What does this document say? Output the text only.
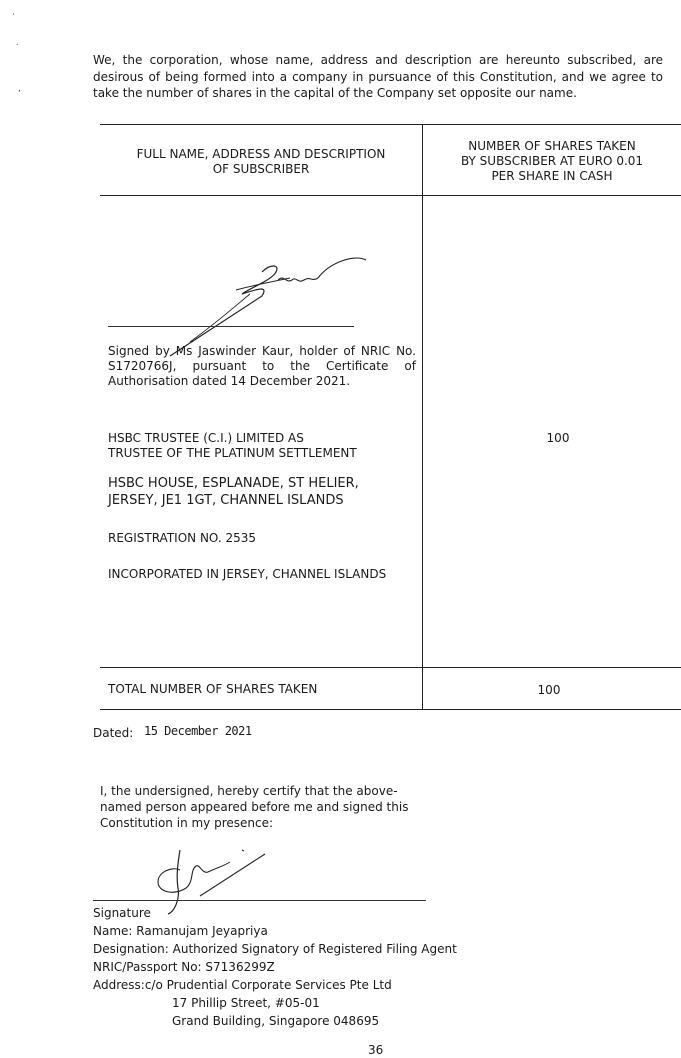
·
˙
,
We, the corporation, whose name, address and description are hereunto subscribed, are desirous of being formed into a company in pursuance of this Constitution, and we agree to take the number of shares in the capital of the Company set opposite our name.
FULL NAME, ADDRESS AND DESCRIPTION
OF SUBSCRIBER
NUMBER OF SHARES TAKEN
BY SUBSCRIBER AT EURO 0.01
PER SHARE IN CASH
Signed by Ms Jaswinder Kaur, holder of NRIC No. S1720766J, pursuant to the Certificate of Authorisation dated 14 December 2021.
HSBC TRUSTEE (C.I.) LIMITED AS
TRUSTEE OF THE PLATINUM SETTLEMENT
HSBC HOUSE, ESPLANADE, ST HELIER,
JERSEY, JE1 1GT, CHANNEL ISLANDS
REGISTRATION NO. 2535
INCORPORATED IN JERSEY, CHANNEL ISLANDS
100
TOTAL NUMBER OF SHARES TAKEN	100
Dated: 15 December 2021
I, the undersigned, hereby certify that the above-named person appeared before me and signed this Constitution in my presence:
Signature
Name: Ramanujam Jeyapriya
Designation: Authorized Signatory of Registered Filing Agent
NRIC/Passport No: S7136299Z
Address:c/o Prudential Corporate Services Pte Ltd
17 Phillip Street, #05-01
Grand Building, Singapore 048695
36
